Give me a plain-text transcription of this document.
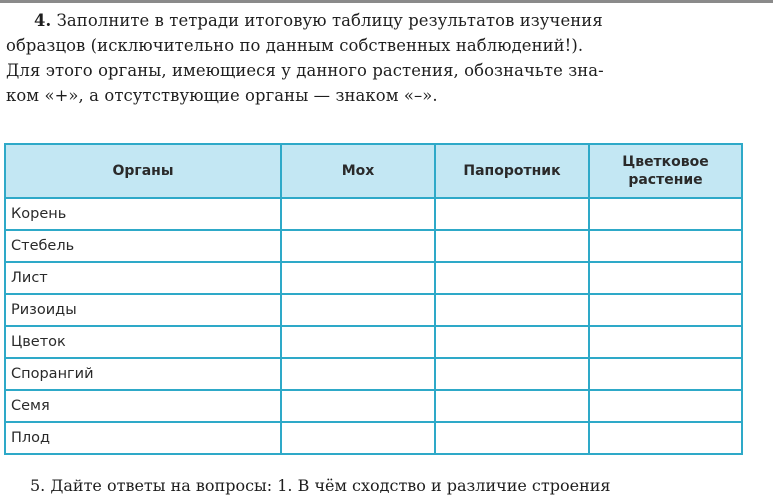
4. Заполните в тетради итоговую таблицу результатов изучения
образцов (исключительно по данным собственных наблюдений!).
Для этого органы, имеющиеся у данного растения, обозначьте зна-
ком «+», а отсутствующие органы — знаком «–».
Органы	Мох	Папоротник	Цветковое растение
Корень			
Стебель			
Лист			
Ризоиды			
Цветок			
Спорангий			
Семя			
Плод			
5. Дайте ответы на вопросы: 1. В чём сходство и различие строения
